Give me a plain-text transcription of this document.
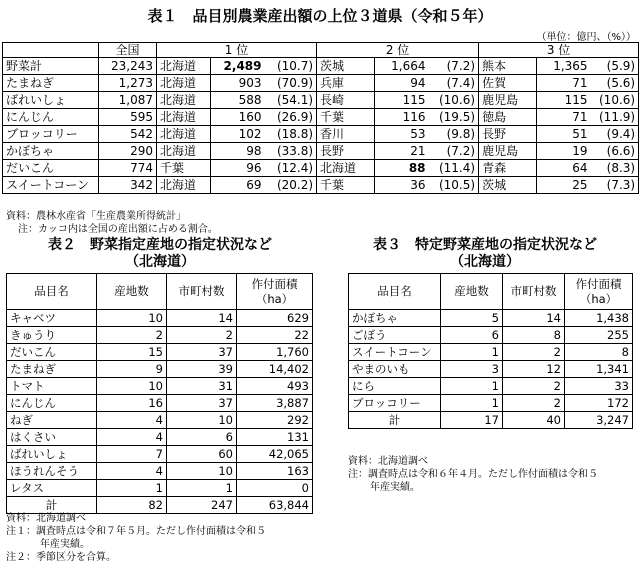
表１　品目別農業産出額の上位３道県（令和５年）
（単位：億円、（%））
	全国	1 位			2 位			3 位		
野菜計	23,243	北海道	2,489	(10.7)	茨城	1,664	(7.2)	熊本	1,365	(5.9)
たまねぎ	1,273	北海道	903	(70.9)	兵庫	94	(7.4)	佐賀	71	(5.6)
ばれいしょ	1,087	北海道	588	(54.1)	長崎	115	(10.6)	鹿児島	115	(10.6)
にんじん	595	北海道	160	(26.9)	千葉	116	(19.5)	徳島	71	(11.9)
ブロッコリー	542	北海道	102	(18.8)	香川	53	(9.8)	長野	51	(9.4)
かぼちゃ	290	北海道	98	(33.8)	長野	21	(7.2)	鹿児島	19	(6.6)
だいこん	774	千葉	96	(12.4)	北海道	88	(11.4)	青森	64	(8.3)
スイートコーン	342	北海道	69	(20.2)	千葉	36	(10.5)	茨城	25	(7.3)
資料：農林水産省「生産農業所得統計」
注：カッコ内は全国の産出額に占める割合。
表２　野菜指定産地の指定状況など
（北海道）
品目名	産地数	市町村数	作付面積
（ha）

キャベツ	10	14	629
きゅうり	2	2	22
だいこん	15	37	1,760
たまねぎ	9	39	14,402
トマト	10	31	493
にんじん	16	37	3,887
ねぎ	4	10	292
はくさい	4	6	131
ばれいしょ	7	60	42,065
ほうれんそう	4	10	163
レタス	1	1	0
計	82	247	63,844
資料：北海道調べ
注１：調査時点は令和７年５月。ただし作付面積は令和５
年産実績。
注２：季節区分を合算。
表３　特定野菜産地の指定状況など
（北海道）
品目名	産地数	市町村数	作付面積
（ha）

かぼちゃ	5	14	1,438
ごぼう	6	8	255
スイートコーン	1	2	8
やまのいも	3	12	1,341
にら	1	2	33
ブロッコリー	1	2	172
計	17	40	3,247
資料：北海道調べ
注：調査時点は令和６年４月。ただし作付面積は令和５
年産実績。
